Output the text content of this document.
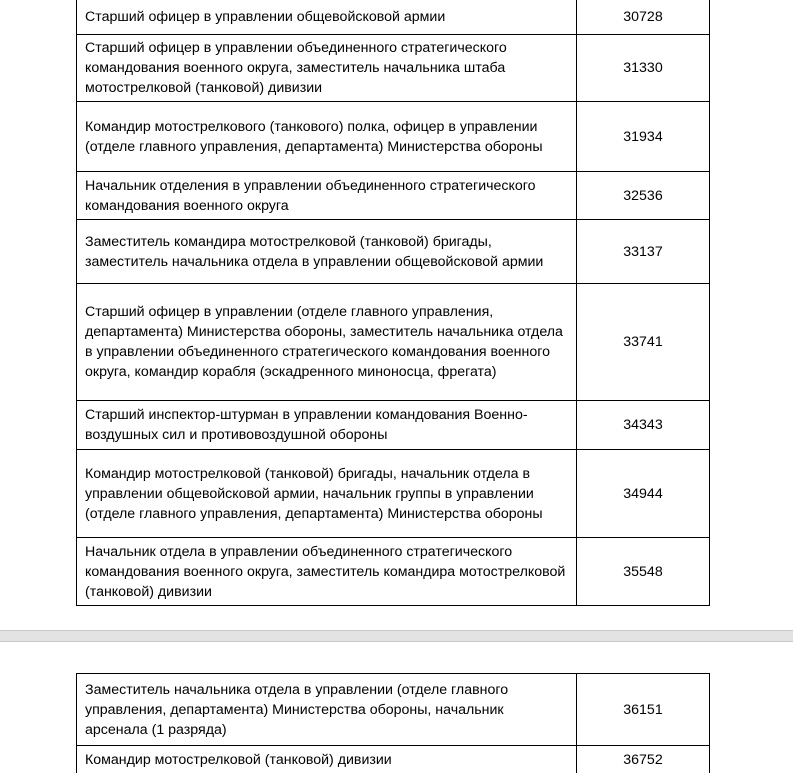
Старший офицер в управлении общевойсковой армии	30728
Старший офицер в управлении объединенного стратегического командования военного округа, заместитель начальника штаба мотострелковой (танковой) дивизии	31330
Командир мотострелкового (танкового) полка, офицер в управлении (отделе главного управления, департамента) Министерства обороны	31934
Начальник отделения в управлении объединенного стратегического командования военного округа	32536
Заместитель командира мотострелковой (танковой) бригады, заместитель начальника отдела в управлении общевойсковой армии	33137
Старший офицер в управлении (отделе главного управления, департамента) Министерства обороны, заместитель начальника отдела в управлении объединенного стратегического командования военного округа, командир корабля (эскадренного миноносца, фрегата)	33741
Старший инспектор-штурман в управлении командования Военно-воздушных сил и противовоздушной обороны	34343
Командир мотострелковой (танковой) бригады, начальник отдела в управлении общевойсковой армии, начальник группы в управлении (отделе главного управления, департамента) Министерства обороны	34944
Начальник отдела в управлении объединенного стратегического командования военного округа, заместитель командира мотострелковой (танковой) дивизии	35548
Заместитель начальника отдела в управлении (отделе главного управления, департамента) Министерства обороны, начальник арсенала (1 разряда)	36151
Командир мотострелковой (танковой) дивизии	36752
